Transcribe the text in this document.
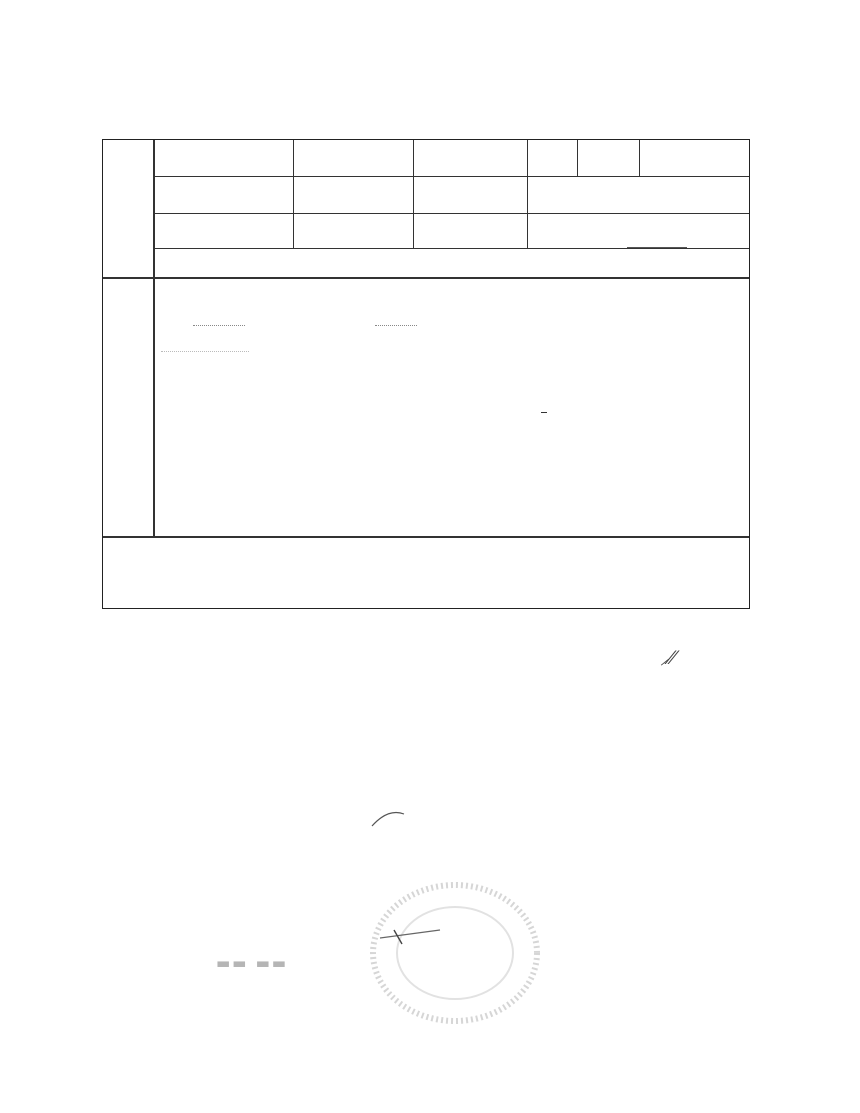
⸝⁄⁄
▬▬ ▬▬
